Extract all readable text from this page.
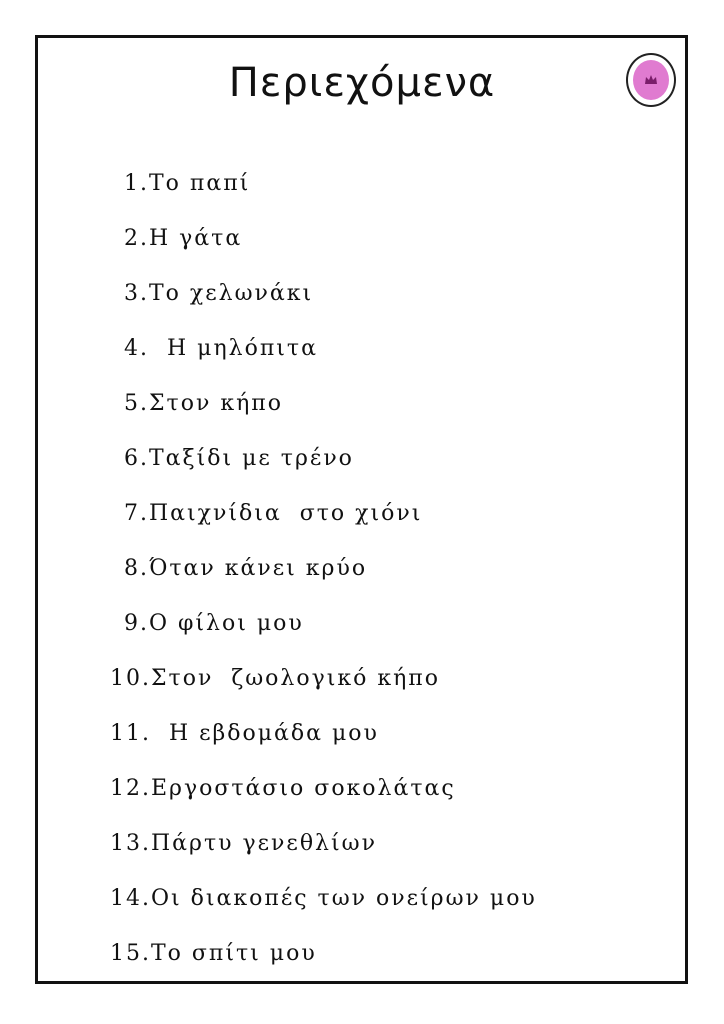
Περιεχόμενα

1.Το παπί

2.Η γάτα

3.Το χελωνάκι

4.  Η μηλόπιτα

5.Στον κήπο

6.Ταξίδι με τρένο

7.Παιχνίδια  στο χιόνι

8.Όταν κάνει κρύο

9.Ο φίλοι μου

10.Στον  ζωολογικό κήπο

11.  Η εβδομάδα μου

12.Εργοστάσιο σοκολάτας

13.Πάρτυ γενεθλίων

14.Οι διακοπές των ονείρων μου

15.Το σπίτι μου
